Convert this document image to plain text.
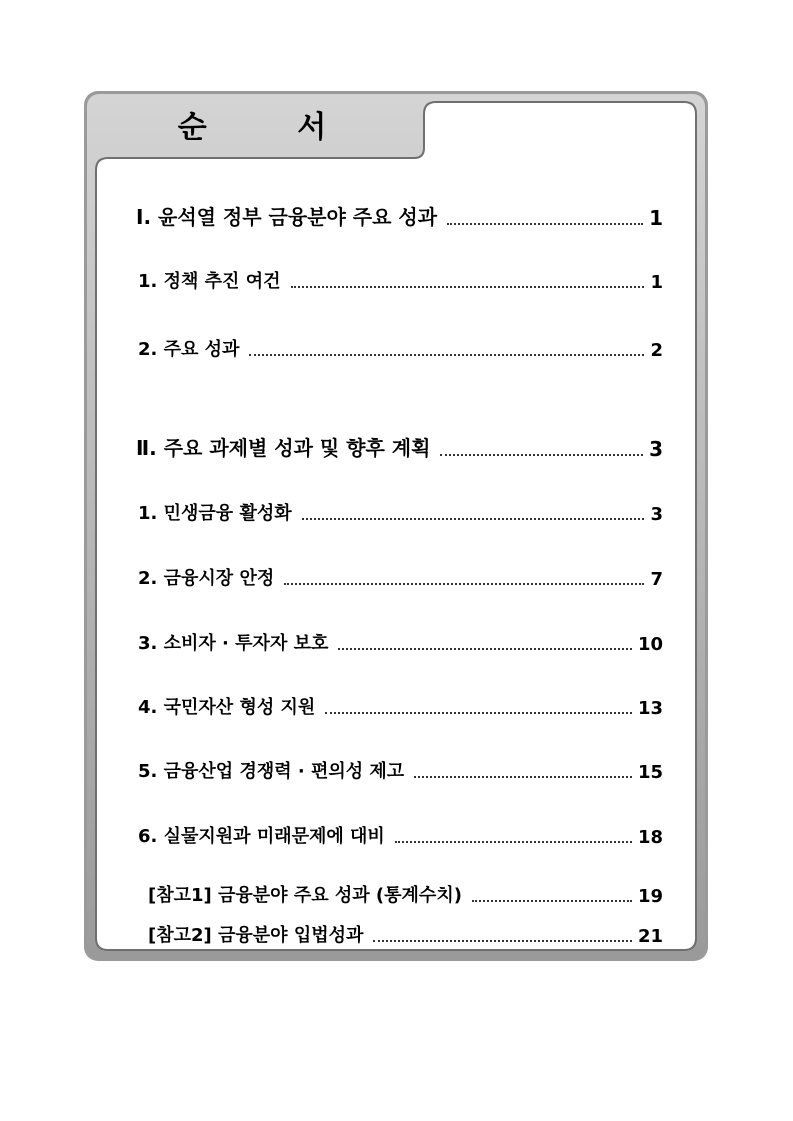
순 서
Ⅰ. 윤석열 정부 금융분야 주요 성과	1
1. 정책 추진 여건	1
2. 주요 성과	2
Ⅱ. 주요 과제별 성과 및 향후 계획	3
1. 민생금융 활성화	3
2. 금융시장 안정	7
3. 소비자 · 투자자 보호	10
4. 국민자산 형성 지원	13
5. 금융산업 경쟁력 · 편의성 제고	15
6. 실물지원과 미래문제에 대비	18
[참고1] 금융분야 주요 성과 (통계수치)	19
[참고2] 금융분야 입법성과	21
